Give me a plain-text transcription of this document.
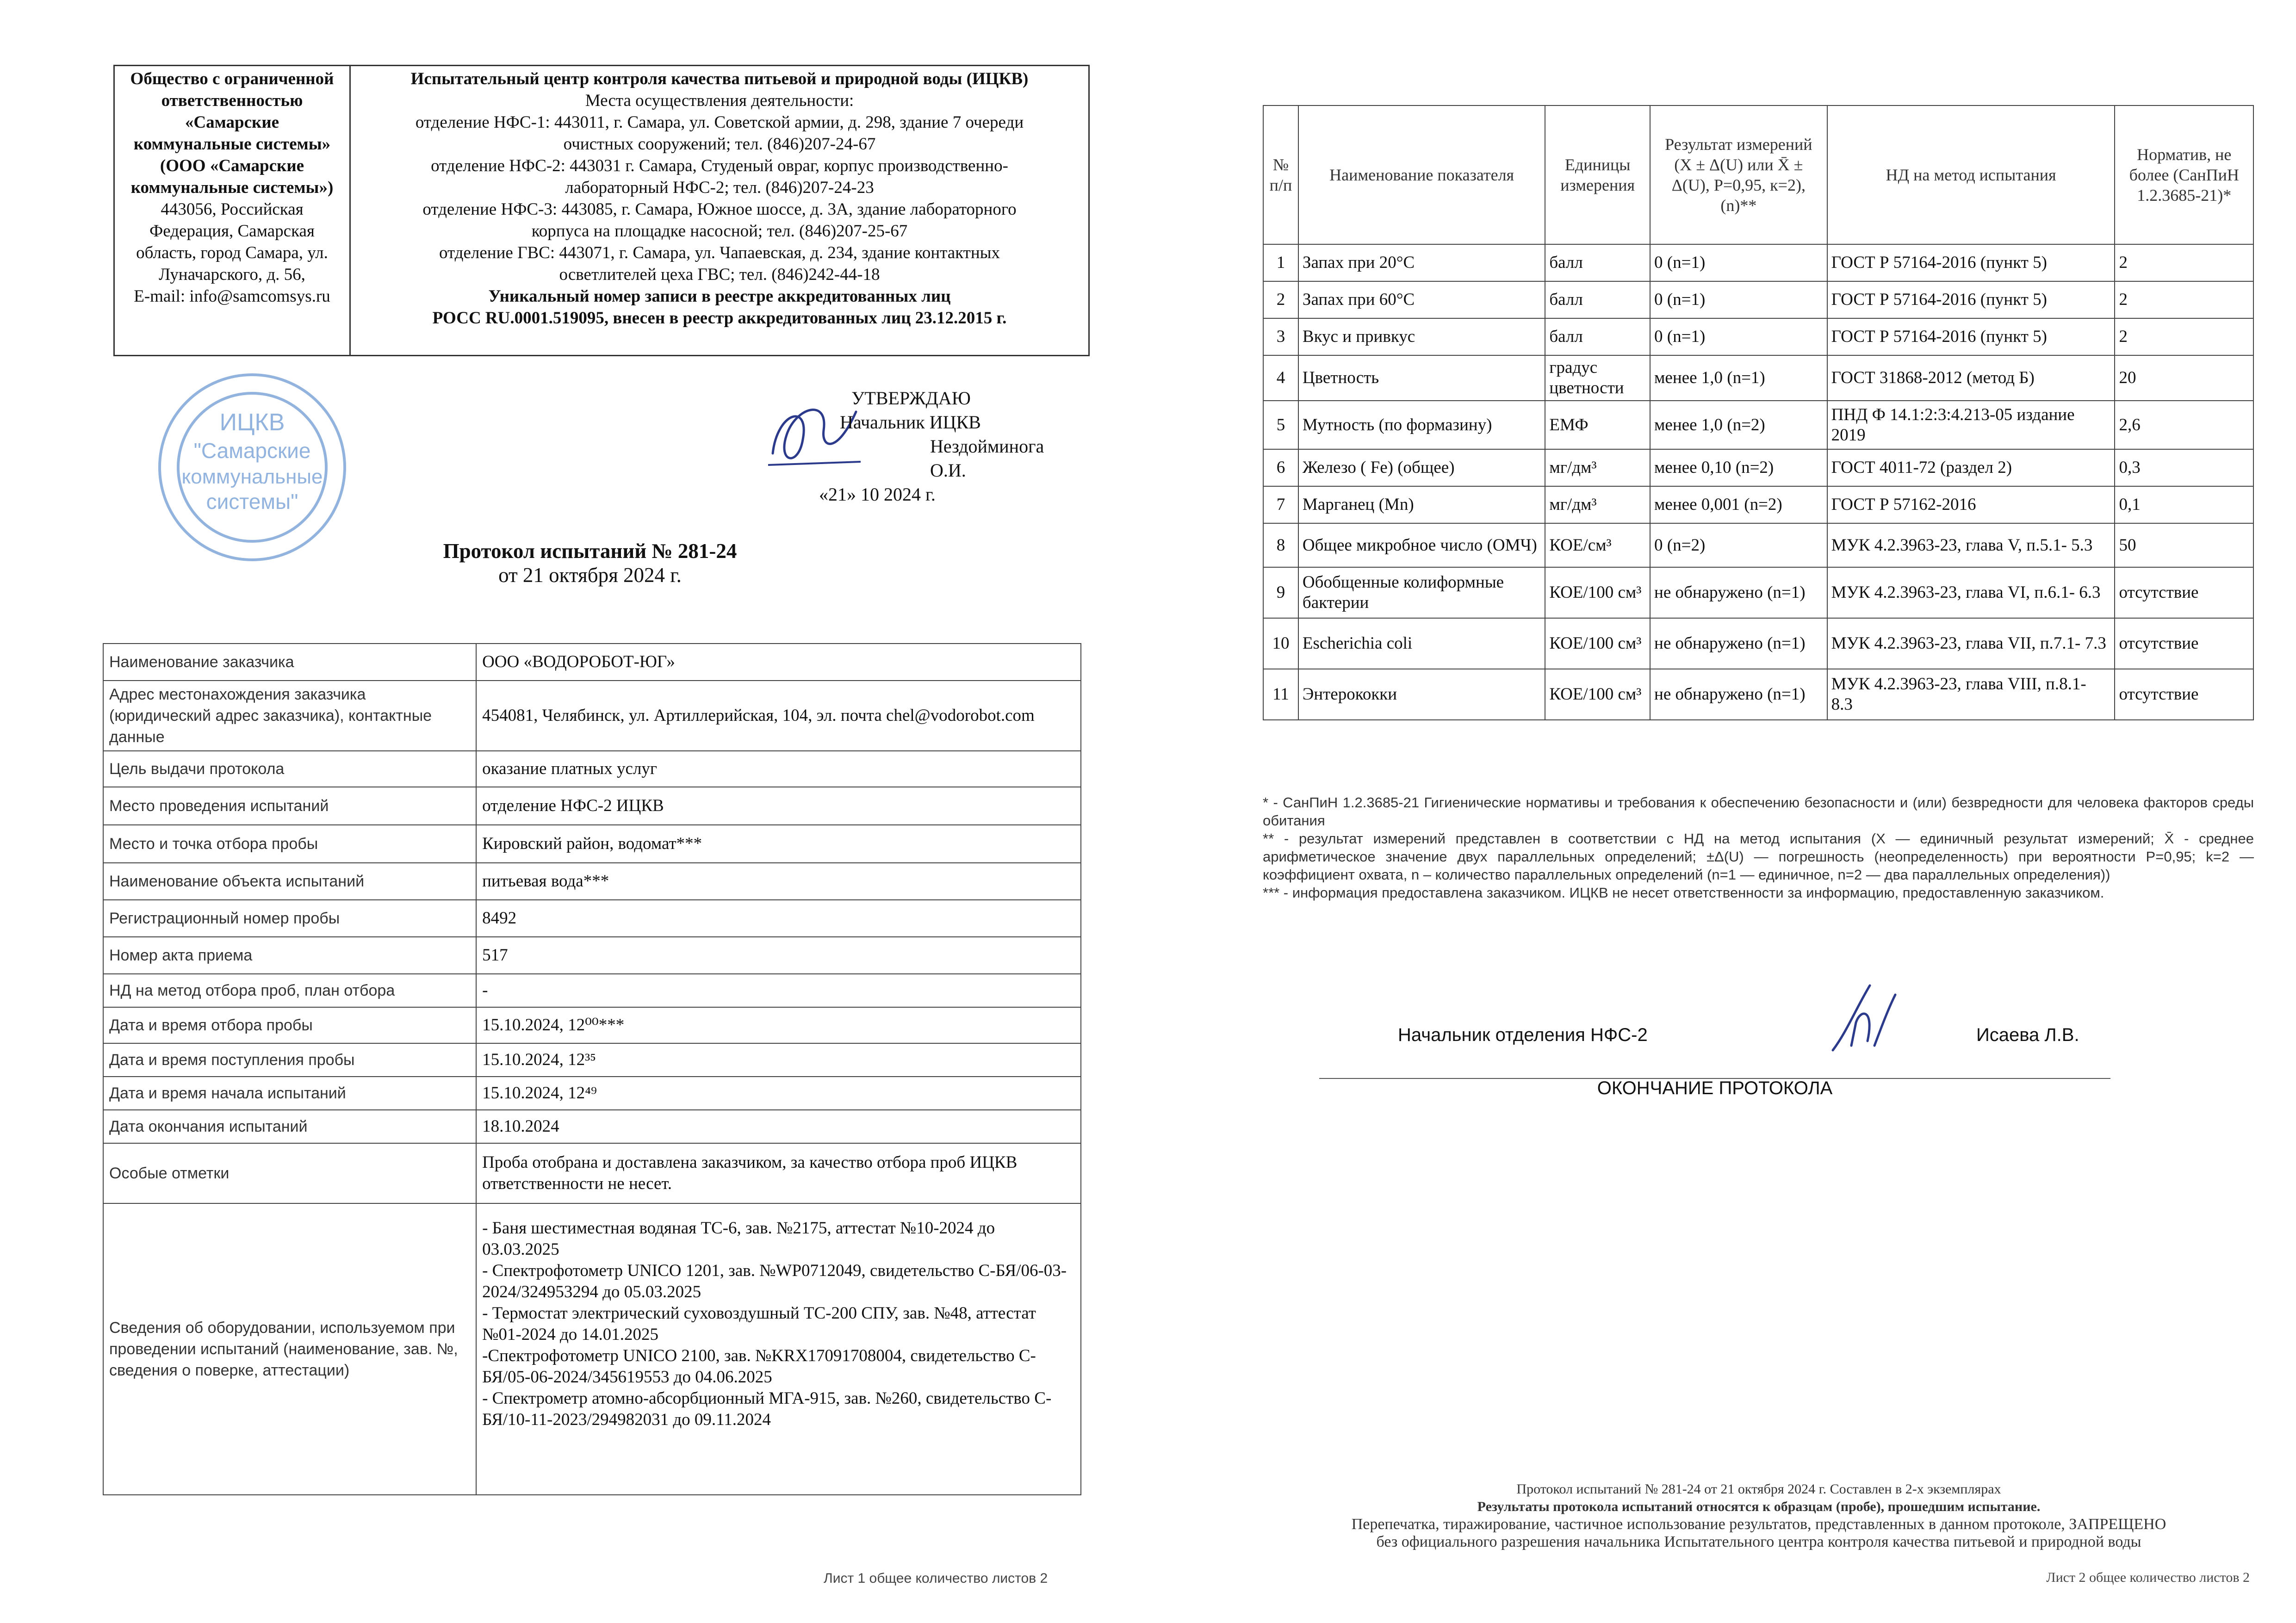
Общество с ограниченной
ответственностью
«Самарские
коммунальные системы»
(ООО «Самарские
коммунальные системы»)
443056, Российская
Федерация, Самарская
область, город Самара, ул.
Луначарского, д. 56,
E-mail: info@samcomsys.ru
Испытательный центр контроля качества питьевой и природной воды (ИЦКВ)
Места осуществления деятельности:
отделение НФС-1: 443011, г. Самара, ул. Советской армии, д. 298, здание 7 очереди
очистных сооружений; тел. (846)207-24-67
отделение НФС-2: 443031 г. Самара, Студеный овраг, корпус производственно-
лабораторный НФС-2; тел. (846)207-24-23
отделение НФС-3: 443085, г. Самара, Южное шоссе, д. 3А, здание лабораторного
корпуса на площадке насосной; тел. (846)207-25-67
отделение ГВС: 443071, г. Самара, ул. Чапаевская, д. 234, здание контактных
осветлителей цеха ГВС; тел. (846)242-44-18
Уникальный номер записи в реестре аккредитованных лиц
РОСС RU.0001.519095, внесен в реестр аккредитованных лиц 23.12.2015 г.
ИЦКВ
"Самарские
коммунальные
системы"
УТВЕРЖДАЮ
Начальник ИЦКВ
Нездойминога О.И.
«21» 10 2024 г.
Протокол испытаний № 281-24
от 21 октября 2024 г.
Наименование заказчика	ООО «ВОДОРОБОТ-ЮГ»
Адрес местонахождения заказчика (юридический адрес заказчика), контактные данные	454081, Челябинск, ул. Артиллерийская, 104, эл. почта chel@vodorobot.com
Цель выдачи протокола	оказание платных услуг
Место проведения испытаний	отделение НФС-2 ИЦКВ
Место и точка отбора пробы	Кировский район, водомат***
Наименование объекта испытаний	питьевая вода***
Регистрационный номер пробы	8492
Номер акта приема	517
НД на метод отбора проб, план отбора	-
Дата и время отбора пробы	15.10.2024, 12⁰⁰***
Дата и время поступления пробы	15.10.2024, 12³⁵
Дата и время начала испытаний	15.10.2024, 12⁴⁹
Дата окончания испытаний	18.10.2024
Особые отметки	Проба отобрана и доставлена заказчиком, за качество отбора проб ИЦКВ ответственности не несет.
Сведения об оборудовании, используемом при проведении испытаний (наименование, зав. №, сведения о поверке, аттестации)	- Баня шестиместная водяная ТС-6, зав. №2175, аттестат №10-2024 до 03.03.2025
- Спектрофотометр UNICO 1201, зав. №WP0712049, свидетельство С-БЯ/06-03-2024/324953294 до 05.03.2025
- Термостат электрический суховоздушный ТС-200 СПУ, зав. №48, аттестат №01-2024 до 14.01.2025
-Спектрофотометр UNICO 2100, зав. №KRX17091708004, свидетельство С-БЯ/05-06-2024/345619553 до 04.06.2025
- Спектрометр атомно-абсорбционный МГА-915, зав. №260, свидетельство С-БЯ/10-11-2023/294982031 до 09.11.2024
Лист 1 общее количество листов 2
№ п/п	Наименование показателя	Единицы измерения	Результат измерений (X ± Δ(U) или X̄ ± Δ(U), P=0,95, к=2), (n)**	НД на метод испытания	Норматив, не более (СанПиН 1.2.3685-21)*
1	Запах при 20°C	балл	0 (n=1)	ГОСТ Р 57164-2016 (пункт 5)	2
2	Запах при 60°C	балл	0 (n=1)	ГОСТ Р 57164-2016 (пункт 5)	2
3	Вкус и привкус	балл	0 (n=1)	ГОСТ Р 57164-2016 (пункт 5)	2
4	Цветность	градус цветности	менее 1,0 (n=1)	ГОСТ 31868-2012 (метод Б)	20
5	Мутность (по формазину)	ЕМФ	менее 1,0 (n=2)	ПНД Ф 14.1:2:3:4.213-05 издание 2019	2,6
6	Железо ( Fe) (общее)	мг/дм³	менее 0,10 (n=2)	ГОСТ 4011-72 (раздел 2)	0,3
7	Марганец (Mn)	мг/дм³	менее 0,001 (n=2)	ГОСТ Р 57162-2016	0,1
8	Общее микробное число (ОМЧ)	КОЕ/см³	0 (n=2)	МУК 4.2.3963-23, глава V, п.5.1- 5.3	50
9	Обобщенные колиформные бактерии	КОЕ/100 см³	не обнаружено (n=1)	МУК 4.2.3963-23, глава VI, п.6.1- 6.3	отсутствие
10	Escherichia coli	КОЕ/100 см³	не обнаружено (n=1)	МУК 4.2.3963-23, глава VII, п.7.1- 7.3	отсутствие
11	Энтерококки	КОЕ/100 см³	не обнаружено (n=1)	МУК 4.2.3963-23, глава VIII, п.8.1- 8.3	отсутствие

* - СанПиН 1.2.3685-21 Гигиенические нормативы и требования к обеспечению безопасности и (или) безвредности для человека факторов среды обитания

** - результат измерений представлен в соответствии с НД на метод испытания (X — единичный результат измерений; X̄ - среднее арифметическое значение двух параллельных определений; ±Δ(U) — погрешность (неопределенность) при вероятности P=0,95; k=2 — коэффициент охвата, n – количество параллельных определений (n=1 — единичное, n=2 — два параллельных определения))

*** - информация предоставлена заказчиком. ИЦКВ не несет ответственности за информацию, предоставленную заказчиком.

Начальник отделения НФС-2	Исаева Л.В.
ОКОНЧАНИЕ ПРОТОКОЛА
Протокол испытаний № 281-24 от 21 октября 2024 г. Составлен в 2-х экземплярах
Результаты протокола испытаний относятся к образцам (пробе), прошедшим испытание.
Перепечатка, тиражирование, частичное использование результатов, представленных в данном протоколе, ЗАПРЕЩЕНО
без официального разрешения начальника Испытательного центра контроля качества питьевой и природной воды
Лист 2 общее количество листов 2
